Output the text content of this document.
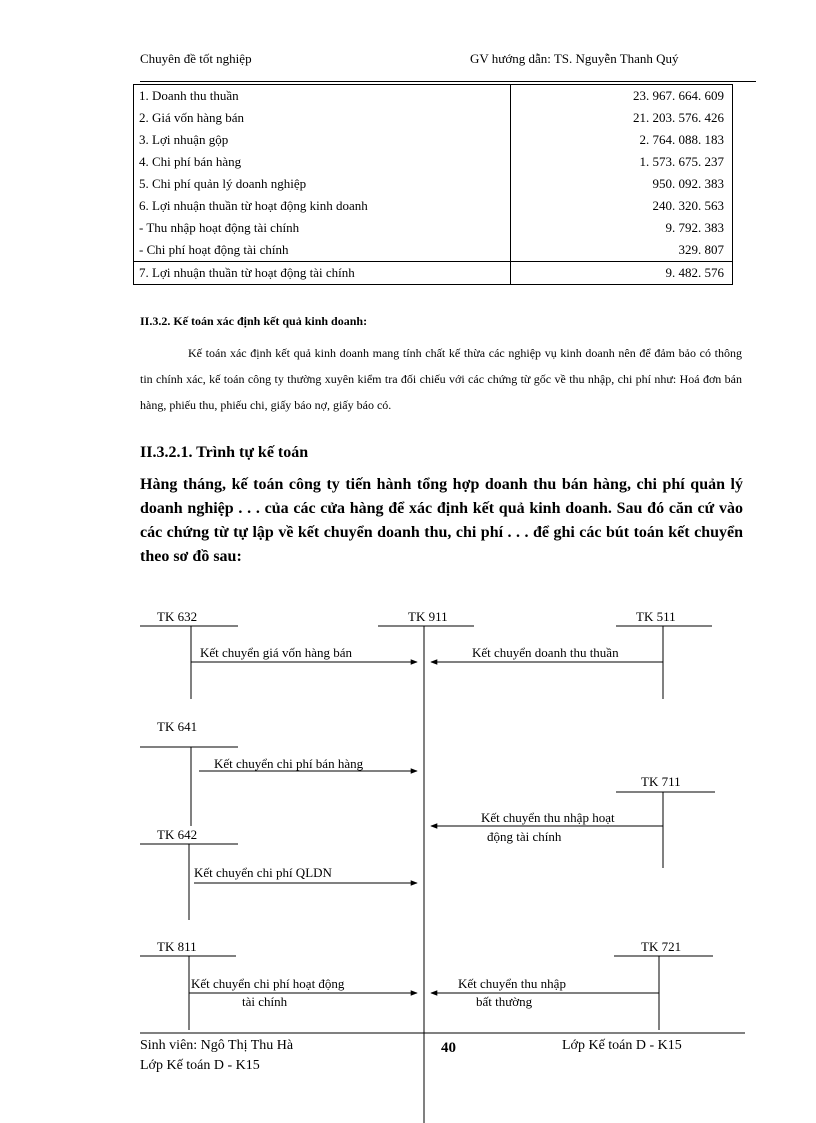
Chuyên đề tốt nghiệp	GV hướng dẫn: TS. Nguyễn Thanh Quý
1. Doanh thu thuần	23. 967. 664. 609
2. Giá vốn hàng bán	21. 203. 576. 426
3. Lợi nhuận gộp	2. 764. 088. 183
4. Chi phí bán hàng	1. 573. 675. 237
5. Chi phí quản lý doanh nghiệp	950. 092. 383
6. Lợi nhuận thuần từ hoạt động kinh doanh	240. 320. 563
- Thu nhập hoạt động tài chính	9. 792. 383
- Chi phí hoạt động tài chính	329. 807
7. Lợi nhuận thuần từ hoạt động tài chính	9. 482. 576
II.3.2. Kế toán xác định kết quả kinh doanh:
Kế toán xác định kết quả kinh doanh mang tính chất kế thừa các nghiệp vụ kinh doanh nên để đảm bảo có thông tin chính xác, kế toán công ty thường xuyên kiểm tra đối chiếu với các chứng từ gốc về thu nhập, chi phí như: Hoá đơn bán hàng, phiếu thu, phiếu chi, giấy báo nợ, giấy báo có.
II.3.2.1. Trình tự kế toán
Hàng tháng, kế toán công ty tiến hành tổng hợp doanh thu bán hàng, chi phí quản lý doanh nghiệp . . . của các cửa hàng để xác định kết quả kinh doanh. Sau đó căn cứ vào các chứng từ tự lập về kết chuyển doanh thu, chi phí . . . để ghi các bút toán kết chuyển theo sơ đồ sau:
TK 911
TK 632
Kết chuyển giá vốn hàng bán
TK 511
Kết chuyển doanh thu thuần
TK 641
Kết chuyển chi phí bán hàng
TK 711
Kết chuyển thu nhập hoạt
động tài chính
TK 642
Kết chuyển chi phí QLDN
TK 811
Kết chuyển chi phí hoạt động
tài chính
TK 721
Kết chuyển thu nhập
bất thường
Sinh viên: Ngô Thị Thu Hà
Lớp Kế toán D - K15
40	Lớp Kế toán D - K15
